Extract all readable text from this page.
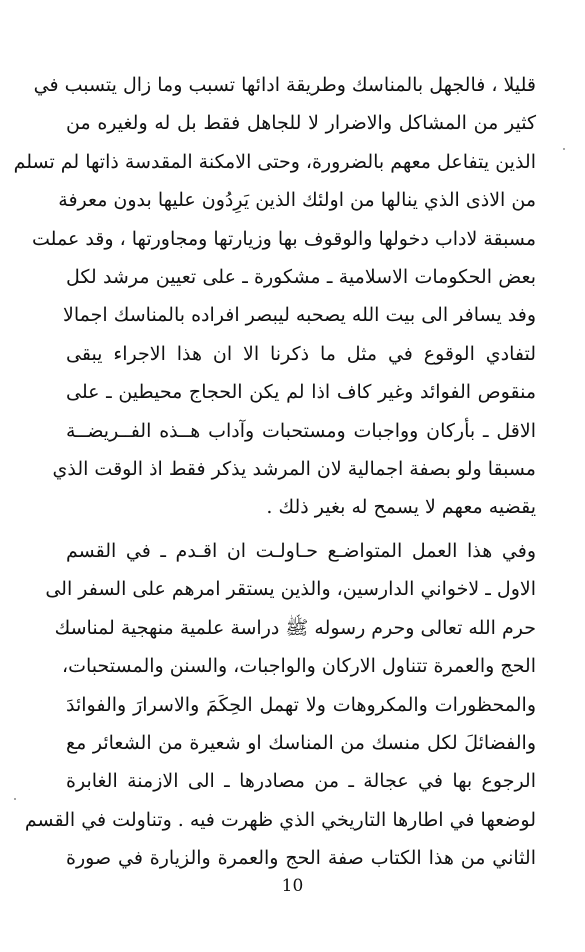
قليلا ، فالجهل بالمناسك وطريقة ادائها تسبب وما زال يتسبب في
كثير من المشاكل والاضرار لا للجاهل فقط بل له ولغيره من
الذين يتفاعل معهم بالضرورة، وحتى الامكنة المقدسة ذاتها لم تسلم
من الاذى الذي ينالها من اولئك الذين يَرِدُون عليها بدون معرفة
مسبقة لاداب دخولها والوقوف بها وزيارتها ومجاورتها ، وقد عملت
بعض الحكومات الاسلامية ـ مشكورة ـ على تعيين مرشد لكل
وفد يسافر الى بيت الله يصحبه ليبصر افراده بالمناسك اجمالا
لتفادي الوقوع في مثل ما ذكرنا الا ان هذا الاجراء يبقى
منقوص الفوائد وغير كاف اذا لم يكن الحجاج محيطين ـ على
الاقل ـ بأركان وواجبات ومستحبات وآداب هــذه الفــريضــة
مسبقا ولو بصفة اجمالية لان المرشد يذكر فقط اذ الوقت الذي
يقضيه معهم لا يسمح له بغير ذلك .
وفي هذا العمل المتواضـع حـاولـت ان اقـدم ـ في القسم
الاول ـ لاخواني الدارسين، والذين يستقر امرهم على السفر الى
حرم الله تعالى وحرم رسوله ﷺ دراسة علمية منهجية لمناسك
الحج والعمرة تتناول الاركان والواجبات، والسنن والمستحبات،
والمحظورات والمكروهات ولا تهمل الحِكَمَ والاسرارَ والفوائدَ
والفضائلَ لكل منسك من المناسك او شعيرة من الشعائر مع
الرجوع بها في عجالة ـ من مصادرها ـ الى الازمنة الغابرة
لوضعها في اطارها التاريخي الذي ظهرت فيه . وتناولت في القسم
الثاني من هذا الكتاب صفة الحج والعمرة والزيارة في صورة
10
